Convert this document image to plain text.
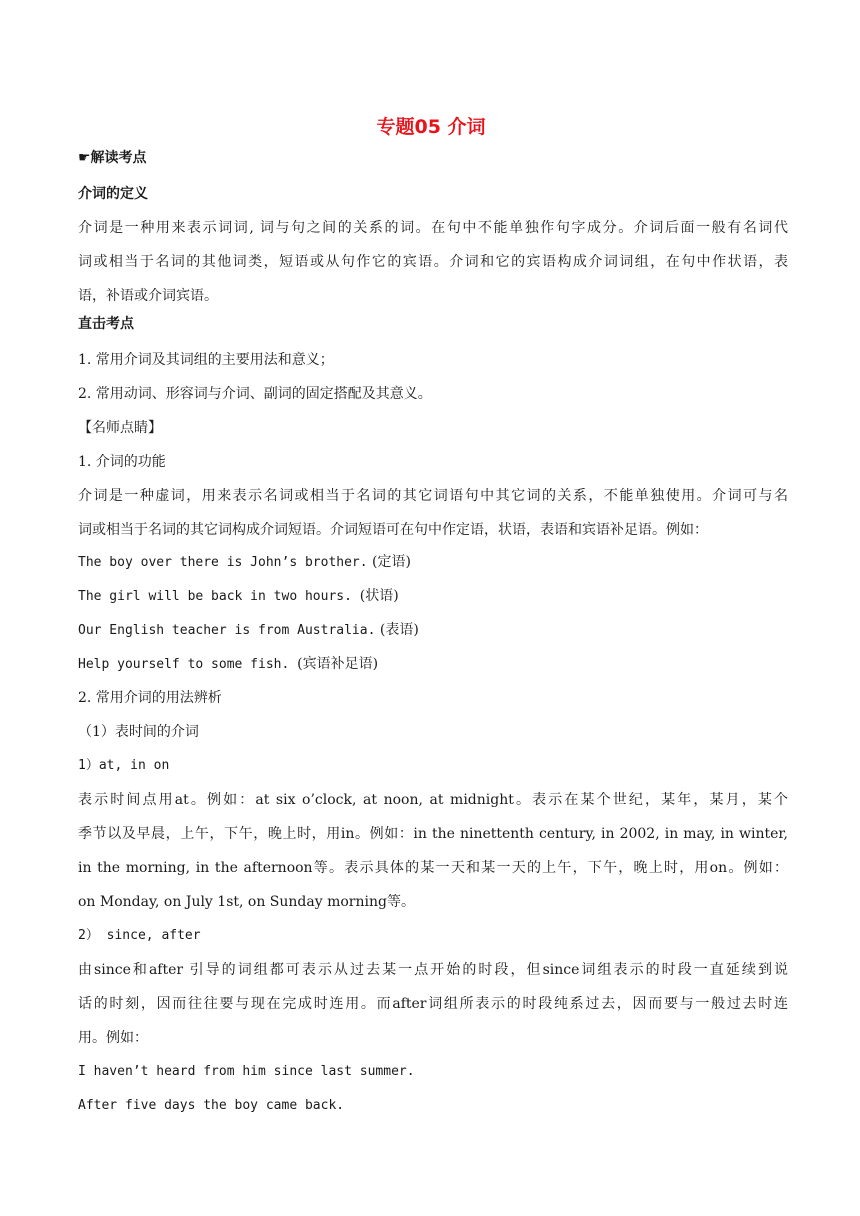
专题05 介词
☛解读考点
介词的定义
介词是一种用来表示词词, 词与句之间的关系的词。在句中不能单独作句字成分。介词后面一般有名词代
词或相当于名词的其他词类，短语或从句作它的宾语。介词和它的宾语构成介词词组，在句中作状语，表
语，补语或介词宾语。
直击考点
1. 常用介词及其词组的主要用法和意义；
2. 常用动词、形容词与介词、副词的固定搭配及其意义。
【名师点睛】
1. 介词的功能
介词是一种虚词，用来表示名词或相当于名词的其它词语句中其它词的关系，不能单独使用。介词可与名
词或相当于名词的其它词构成介词短语。介词短语可在句中作定语，状语，表语和宾语补足语。例如：
The boy over there is John’s brother. (定语)
The girl will be back in two hours. (状语)
Our English teacher is from Australia. (表语)
Help yourself to some fish. (宾语补足语)
2. 常用介词的用法辨析
（1）表时间的介词
1）at, in on
表示时间点用at。例如：at six o’clock, at noon, at midnight。表示在某个世纪，某年，某月，某个
季节以及早晨，上午，下午，晚上时，用in。例如：in the ninettenth century, in 2002, in may, in winter,
in the morning, in the afternoon等。表示具体的某一天和某一天的上午，下午，晚上时，用on。例如：
on Monday, on July 1st, on Sunday morning等。
2） since, after
由since和after 引导的词组都可表示从过去某一点开始的时段，但since词组表示的时段一直延续到说
话的时刻，因而往往要与现在完成时连用。而after词组所表示的时段纯系过去，因而要与一般过去时连
用。例如：
I haven’t heard from him since last summer.
After five days the boy came back.
